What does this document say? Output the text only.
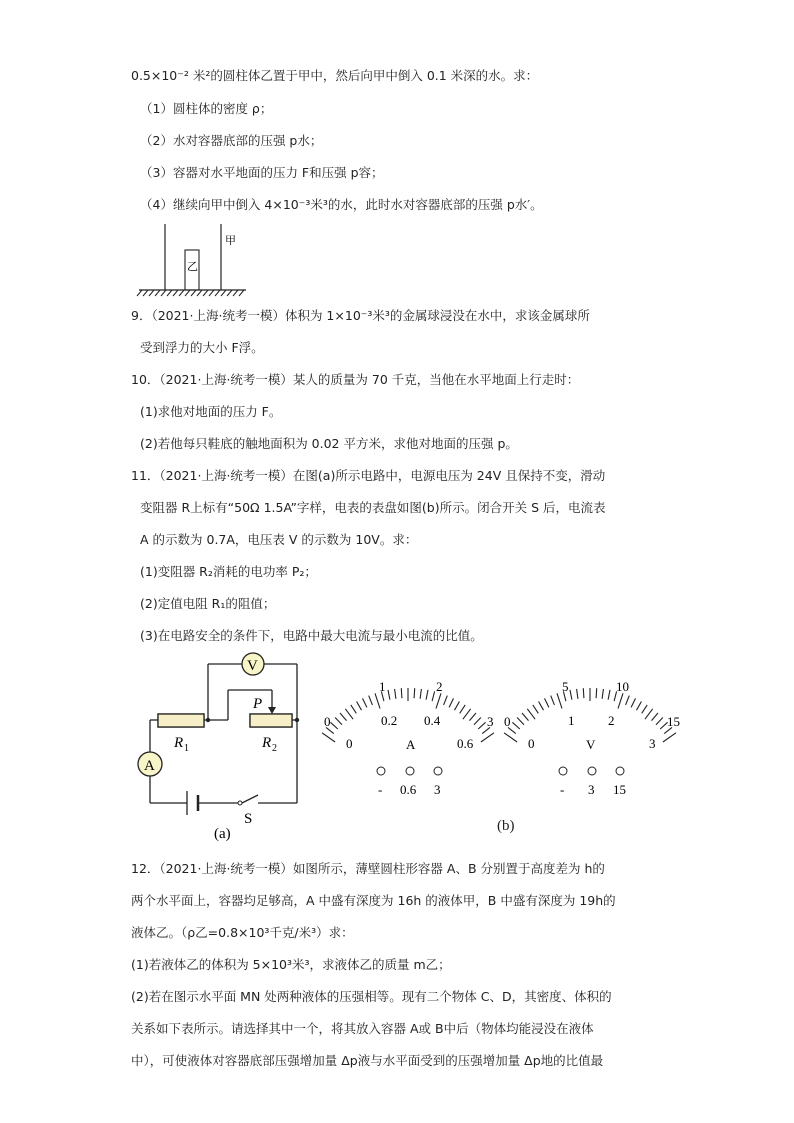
0.5×10⁻² 米²的圆柱体乙置于甲中，然后向甲中倒入 0.1 米深的水。求：
（1）圆柱体的密度 ρ；
（2）水对容器底部的压强 p水；
（3）容器对水平地面的压力 F和压强 p容；
（4）继续向甲中倒入 4×10⁻³米³的水，此时水对容器底部的压强 p水′。
乙
甲
9．（2021·上海·统考一模）体积为 1×10⁻³米³的金属球浸没在水中，求该金属球所
受到浮力的大小 F浮。
10．（2021·上海·统考一模）某人的质量为 70 千克，当他在水平地面上行走时：
(1)求他对地面的压力 F。
(2)若他每只鞋底的触地面积为 0.02 平方米，求他对地面的压强 p。
11．（2021·上海·统考一模）在图(a)所示电路中，电源电压为 24V 且保持不变，滑动
变阻器 R上标有“50Ω 1.5A”字样，电表的表盘如图(b)所示。闭合开关 S 后，电流表
A 的示数为 0.7A，电压表 V 的示数为 10V。求：
(1)变阻器 R₂消耗的电功率 P₂；
(2)定值电阻 R₁的阻值；
(3)在电路安全的条件下，电路中最大电流与最小电流的比值。
V
A
P
R 1	R 2
S
(a)
0
1	2
3
0
0.2 0.4
0.6
A
- 0.6 3
0
5	10
15
0
1	2
3
V
- 3 15
(b)
12．（2021·上海·统考一模）如图所示，薄壁圆柱形容器 A、B 分别置于高度差为 h的
两个水平面上，容器均足够高，A 中盛有深度为 16h 的液体甲，B 中盛有深度为 19h的
液体乙。（ρ乙=0.8×10³千克/米³）求：
(1)若液体乙的体积为 5×10³米³，求液体乙的质量 m乙；
(2)若在图示水平面 MN 处两种液体的压强相等。现有二个物体 C、D，其密度、体积的
关系如下表所示。请选择其中一个，将其放入容器 A或 B中后（物体均能浸没在液体
中），可使液体对容器底部压强增加量 Δp液与水平面受到的压强增加量 Δp地的比值最
